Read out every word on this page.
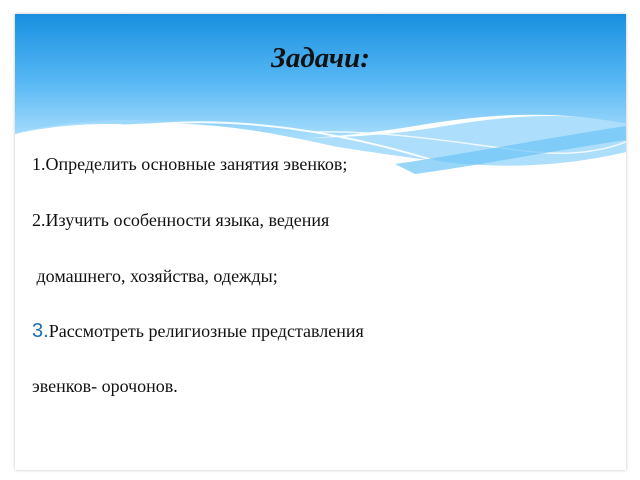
Задачи:

1.Определить основные занятия эвенков;

2.Изучить особенности языка, ведения

домашнего, хозяйства, одежды;

3.Рассмотреть религиозные представления

эвенков- орочонов.
